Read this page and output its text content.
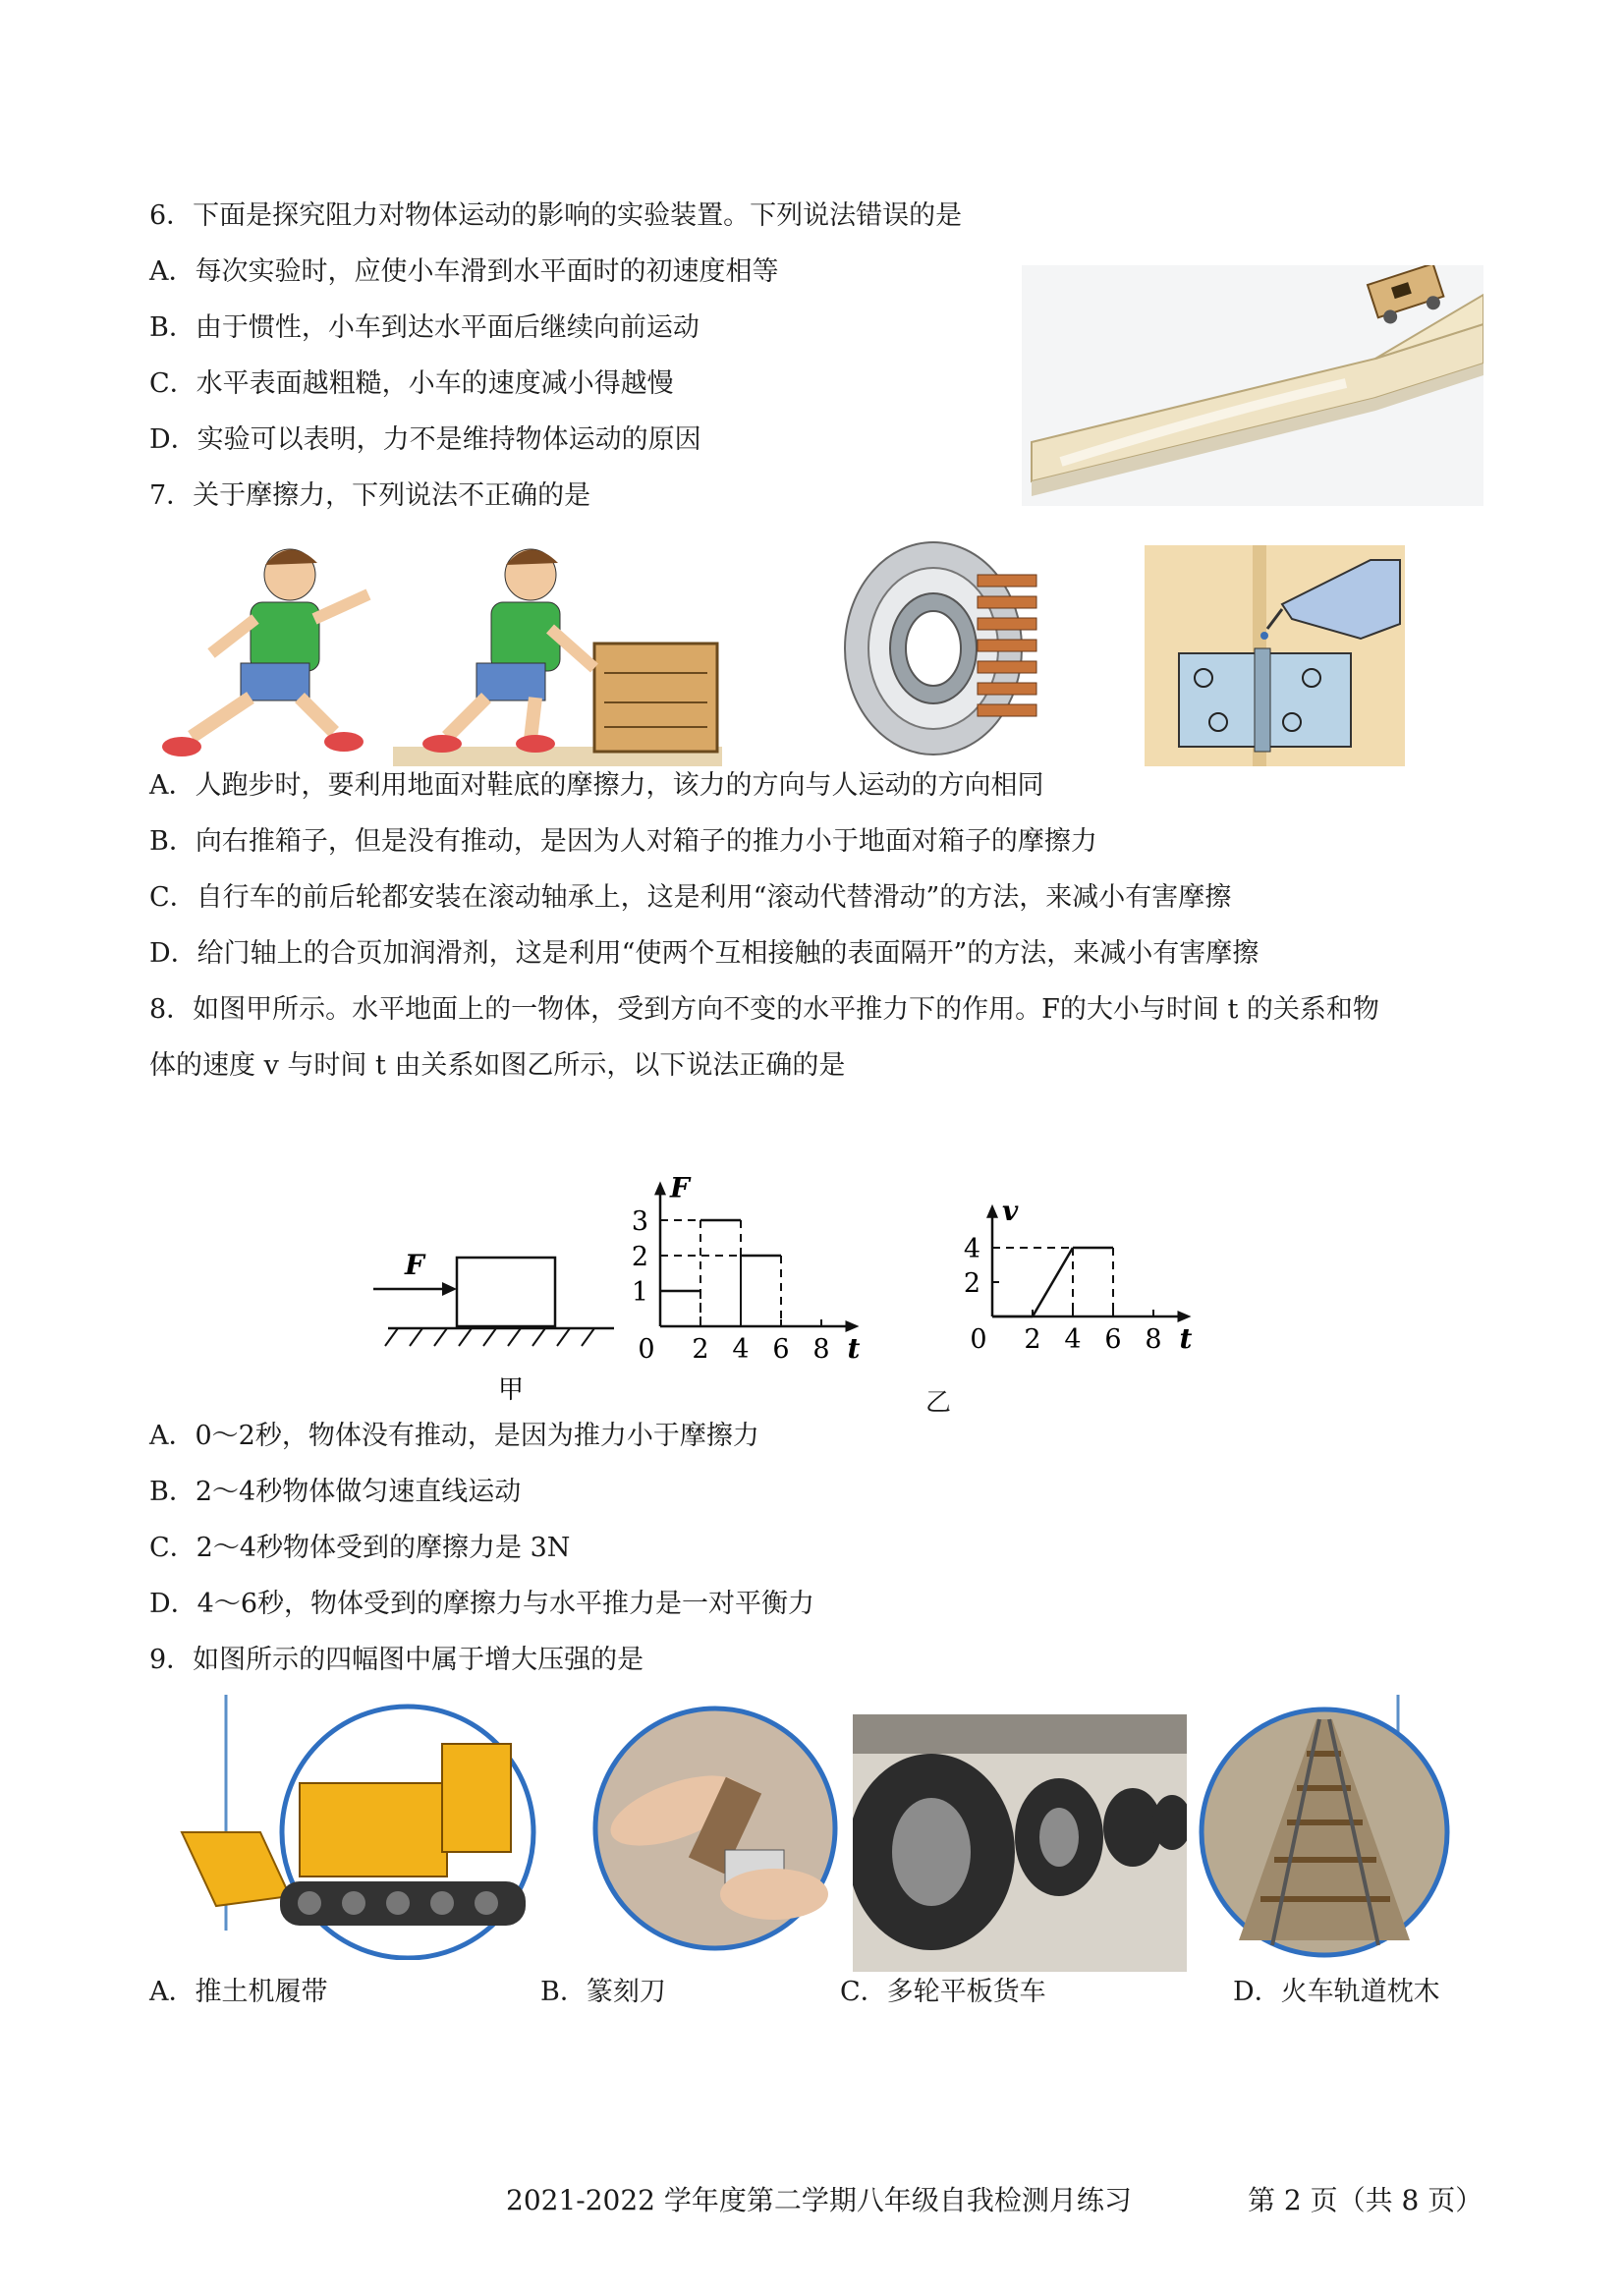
6．下面是探究阻力对物体运动的影响的实验装置。下列说法错误的是
A．每次实验时，应使小车滑到水平面时的初速度相等
B．由于惯性，小车到达水平面后继续向前运动
C．水平表面越粗糙，小车的速度减小得越慢
D．实验可以表明，力不是维持物体运动的原因
7．关于摩擦力，下列说法不正确的是
A．人跑步时，要利用地面对鞋底的摩擦力，该力的方向与人运动的方向相同
B．向右推箱子，但是没有推动，是因为人对箱子的推力小于地面对箱子的摩擦力
C．自行车的前后轮都安装在滚动轴承上，这是利用“滚动代替滑动”的方法，来减小有害摩擦
D．给门轴上的合页加润滑剂，这是利用“使两个互相接触的表面隔开”的方法，来减小有害摩擦
8．如图甲所示。水平地面上的一物体，受到方向不变的水平推力下的作用。F的大小与时间 t 的关系和物
体的速度 v 与时间 t 由关系如图乙所示，以下说法正确的是
F
甲
F
t
0 2 4 6 8
1
2
3	v
t
0 2 4 6 8
2
4
乙
A．0～2秒，物体没有推动，是因为推力小于摩擦力
B．2～4秒物体做匀速直线运动
C．2～4秒物体受到的摩擦力是 3N
D．4～6秒，物体受到的摩擦力与水平推力是一对平衡力
9．如图所示的四幅图中属于增大压强的是
A．推土机履带	B．篆刻刀	C．多轮平板货车	D．火车轨道枕木
2021-2022 学年度第二学期八年级自我检测月练习	第 2 页（共 8 页）
